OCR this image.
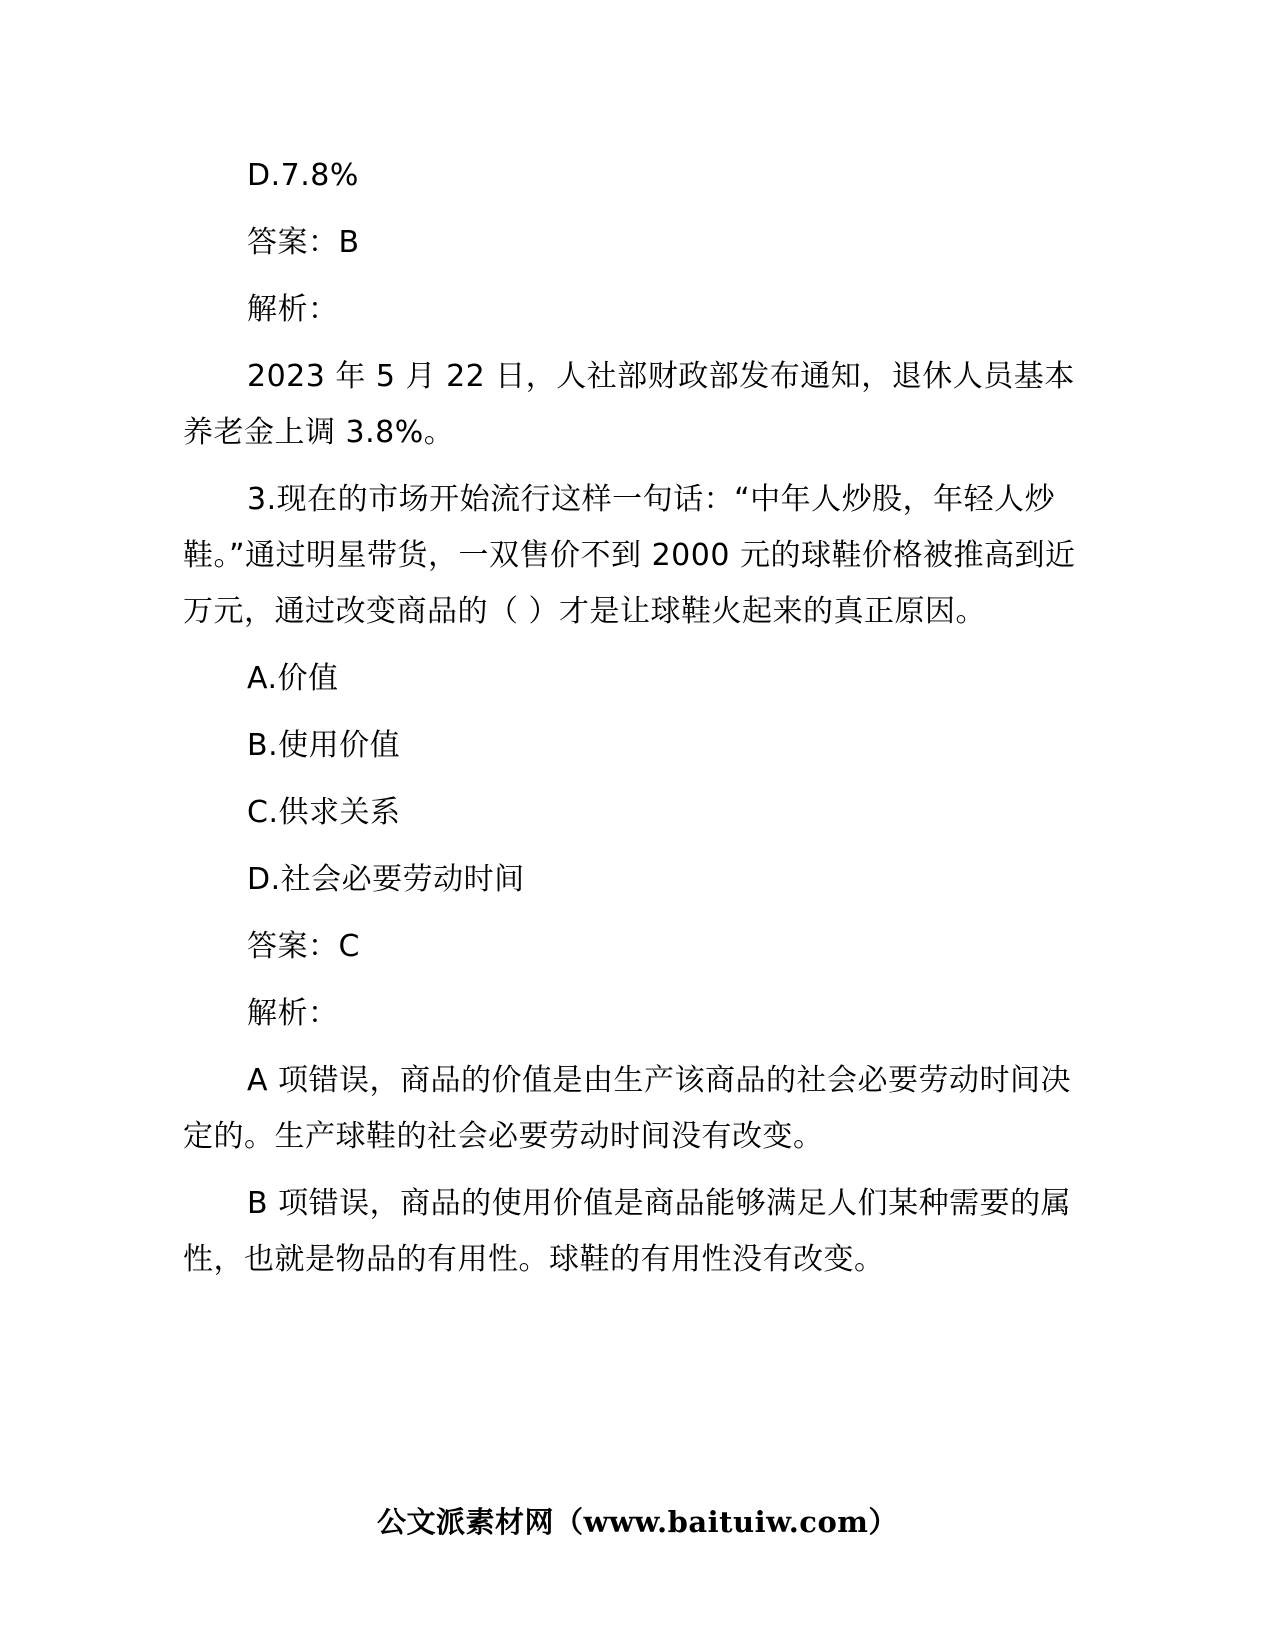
D.7.8%

答案：B

解析：

2023 年 5 月 22 日，人社部财政部发布通知，退休人员基本养老金上调 3.8%。

3.现在的市场开始流行这样一句话：“中年人炒股，年轻人炒鞋。”通过明星带货，一双售价不到 2000 元的球鞋价格被推高到近万元，通过改变商品的（ ）才是让球鞋火起来的真正原因。

A.价值

B.使用价值

C.供求关系

D.社会必要劳动时间

答案：C

解析：

A 项错误，商品的价值是由生产该商品的社会必要劳动时间决定的。生产球鞋的社会必要劳动时间没有改变。

B 项错误，商品的使用价值是商品能够满足人们某种需要的属性，也就是物品的有用性。球鞋的有用性没有改变。

公文派素材网（www.baituiw.com）
